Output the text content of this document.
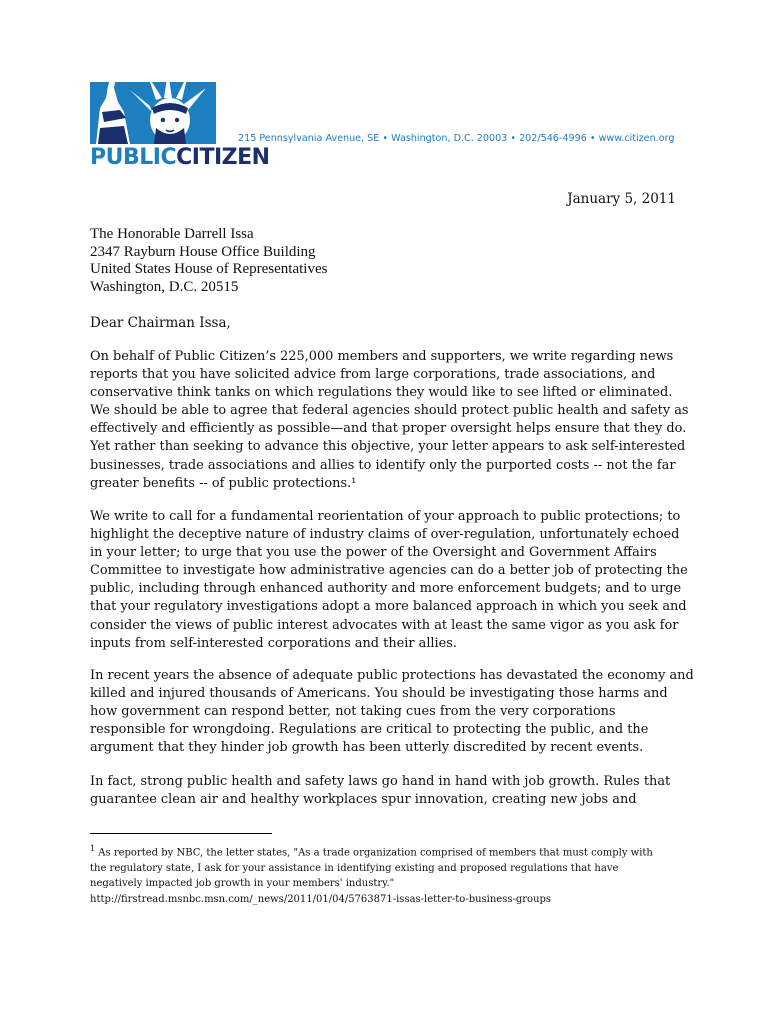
PUBLICCITIZEN
215 Pennsylvania Avenue, SE • Washington, D.C. 20003 • 202/546-4996 • www.citizen.org
January 5, 2011
The Honorable Darrell Issa
2347 Rayburn House Office Building
United States House of Representatives
Washington, D.C. 20515
Dear Chairman Issa,
On behalf of Public Citizen’s 225,000 members and supporters, we write regarding news
reports that you have solicited advice from large corporations, trade associations, and
conservative think tanks on which regulations they would like to see lifted or eliminated.
We should be able to agree that federal agencies should protect public health and safety as
effectively and efficiently as possible—and that proper oversight helps ensure that they do.
Yet rather than seeking to advance this objective, your letter appears to ask self-interested
businesses, trade associations and allies to identify only the purported costs -- not the far
greater benefits -- of public protections.¹
We write to call for a fundamental reorientation of your approach to public protections; to
highlight the deceptive nature of industry claims of over-regulation, unfortunately echoed
in your letter; to urge that you use the power of the Oversight and Government Affairs
Committee to investigate how administrative agencies can do a better job of protecting the
public, including through enhanced authority and more enforcement budgets; and to urge
that your regulatory investigations adopt a more balanced approach in which you seek and
consider the views of public interest advocates with at least the same vigor as you ask for
inputs from self-interested corporations and their allies.
In recent years the absence of adequate public protections has devastated the economy and
killed and injured thousands of Americans. You should be investigating those harms and
how government can respond better, not taking cues from the very corporations
responsible for wrongdoing. Regulations are critical to protecting the public, and the
argument that they hinder job growth has been utterly discredited by recent events.
In fact, strong public health and safety laws go hand in hand with job growth. Rules that
guarantee clean air and healthy workplaces spur innovation, creating new jobs and
$^1$ As reported by NBC, the letter states, "As a trade organization comprised of members that must comply with
the regulatory state, I ask for your assistance in identifying existing and proposed regulations that have
negatively impacted job growth in your members' industry."
http://firstread.msnbc.msn.com/_news/2011/01/04/5763871-issas-letter-to-business-groups
